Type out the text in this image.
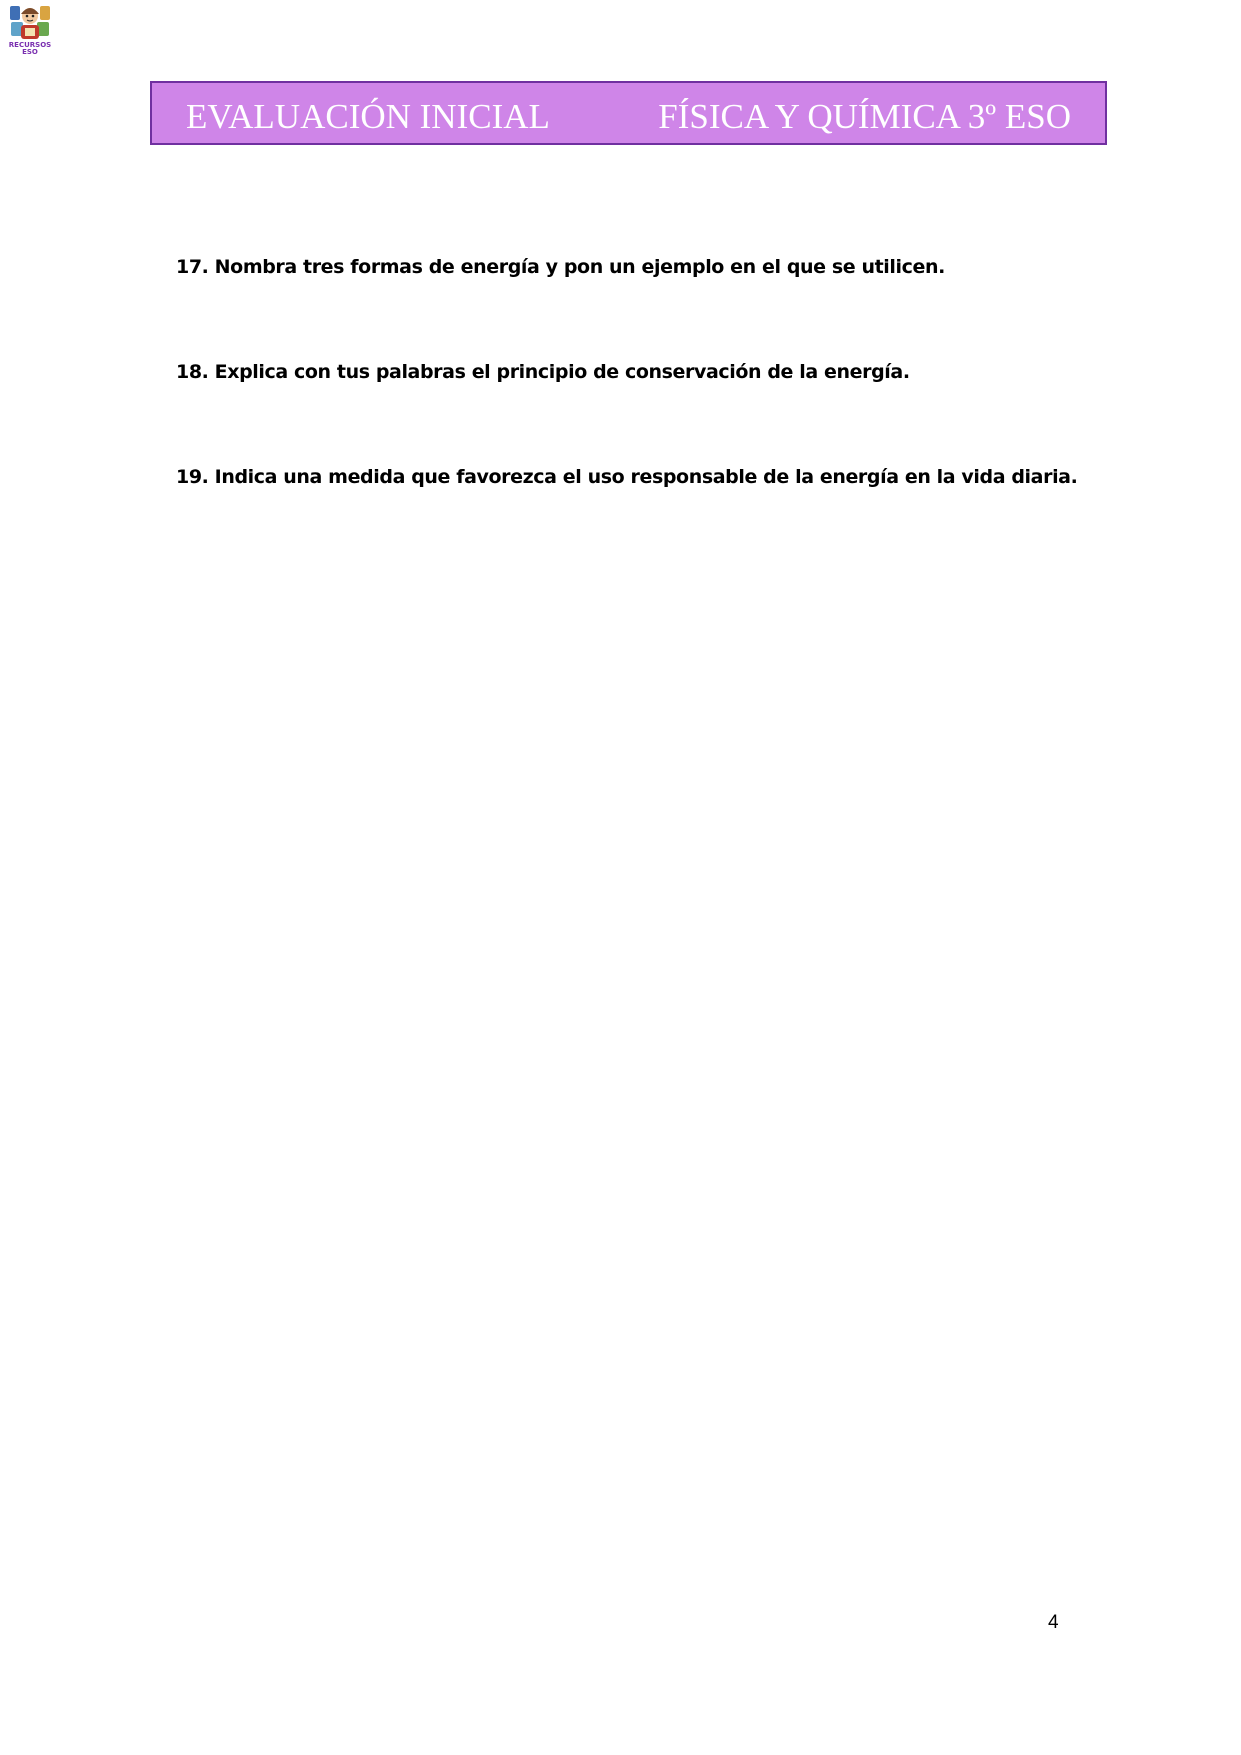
RECURSOS
ESO
EVALUACIÓN INICIAL	FÍSICA Y QUÍMICA 3º ESO
17. Nombra tres formas de energía y pon un ejemplo en el que se utilicen.
18. Explica con tus palabras el principio de conservación de la energía.
19. Indica una medida que favorezca el uso responsable de la energía en la vida diaria.
4
